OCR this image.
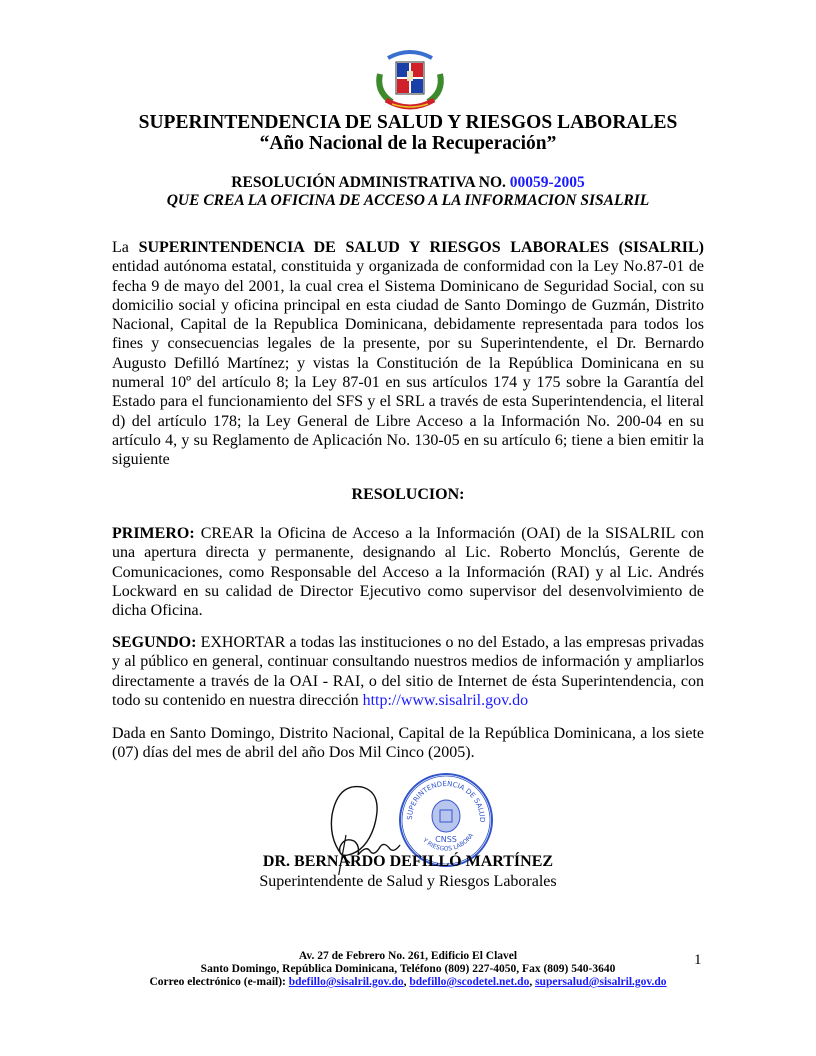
SUPERINTENDENCIA DE SALUD Y RIESGOS LABORALES
“Año Nacional de la Recuperación”
RESOLUCIÓN ADMINISTRATIVA NO. 00059-2005
QUE CREA LA OFICINA DE ACCESO A LA INFORMACION SISALRIL
La SUPERINTENDENCIA DE SALUD Y RIESGOS LABORALES (SISALRIL) entidad autónoma estatal, constituida y organizada de conformidad con la Ley No.87-01 de fecha 9 de mayo del 2001, la cual crea el Sistema Dominicano de Seguridad Social, con su domicilio social y oficina principal en esta ciudad de Santo Domingo de Guzmán, Distrito Nacional, Capital de la Republica Dominicana, debidamente representada para todos los fines y consecuencias legales de la presente, por su Superintendente, el Dr. Bernardo Augusto Defilló Martínez; y vistas la Constitución de la República Dominicana en su numeral 10º del artículo 8; la Ley 87-01 en sus artículos 174 y 175 sobre la Garantía del Estado para el funcionamiento del SFS y el SRL a través de esta Superintendencia, el literal d) del artículo 178; la Ley General de Libre Acceso a la Información No. 200-04 en su artículo 4, y su Reglamento de Aplicación No. 130-05 en su artículo 6; tiene a bien emitir la siguiente
RESOLUCION:
PRIMERO: CREAR la Oficina de Acceso a la Información (OAI) de la SISALRIL con una apertura directa y permanente, designando al Lic. Roberto Monclús, Gerente de Comunicaciones, como Responsable del Acceso a la Información (RAI) y al Lic. Andrés Lockward en su calidad de Director Ejecutivo como supervisor del desenvolvimiento de dicha Oficina.
SEGUNDO: EXHORTAR a todas las instituciones o no del Estado, a las empresas privadas y al público en general, continuar consultando nuestros medios de información y ampliarlos directamente a través de la OAI - RAI, o del sitio de Internet de ésta Superintendencia, con todo su contenido en nuestra dirección http://www.sisalril.gov.do
Dada en Santo Domingo, Distrito Nacional, Capital de la República Dominicana, a los siete (07) días del mes de abril del año Dos Mil Cinco (2005).
SUPERINTENDENCIA DE SALUD
Y RIESGOS LABORA
CNSS
DR. BERNARDO DEFILLÓ MARTÍNEZ
Superintendente de Salud y Riesgos Laborales
Av. 27 de Febrero No. 261, Edificio El Clavel
Santo Domingo, República Dominicana, Teléfono (809) 227-4050, Fax (809) 540-3640
Correo electrónico (e-mail): bdefillo@sisalril.gov.do, bdefillo@scodetel.net.do, supersalud@sisalril.gov.do
1
